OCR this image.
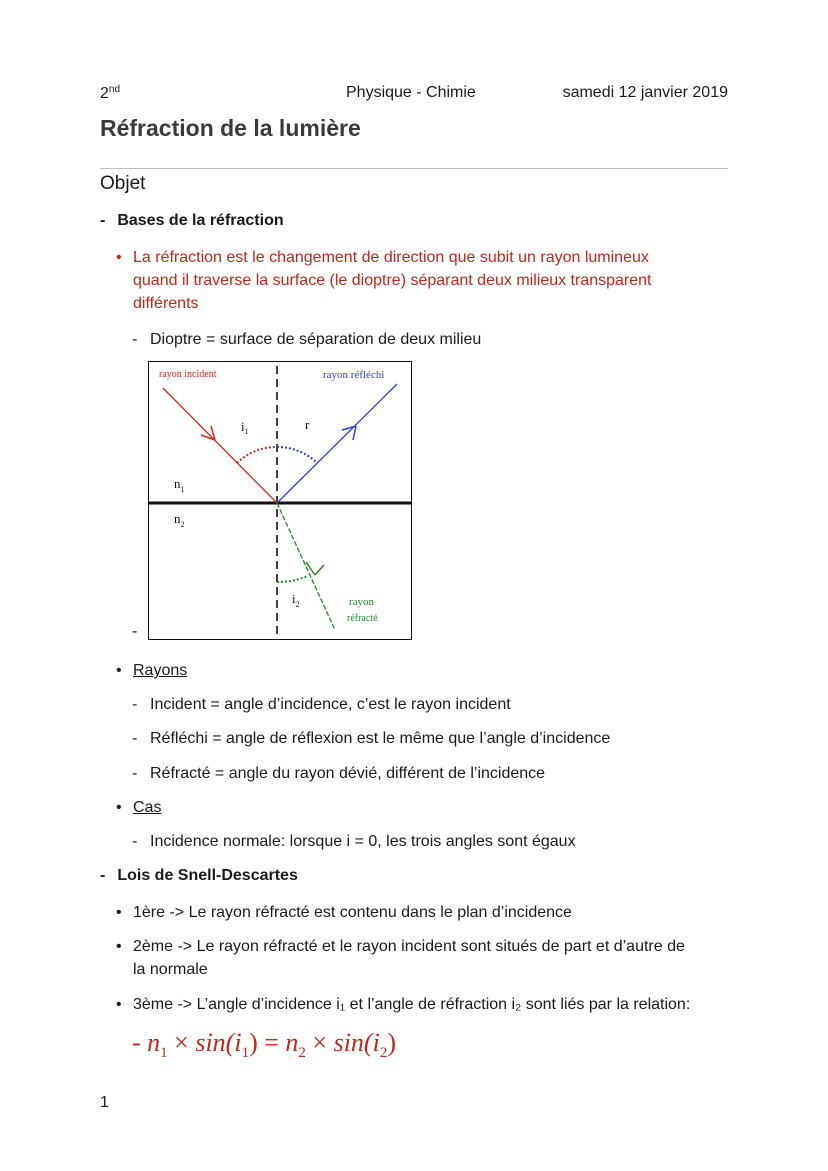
2nd	Physique - Chimie	samedi 12 janvier 2019
Réfraction de la lumière
Objet
- Bases de la réfraction
• La réfraction est le changement de direction que subit un rayon lumineux
quand il traverse la surface (le dioptre) séparant deux milieux transparent
différents
- Dioptre = surface de séparation de deux milieu
-
rayon incident	rayon réfléchi
$i_1$	r
$n_1$
$n_2$
$i_2$	rayon
réfracté
• Rayons
- Incident = angle d’incidence, c’est le rayon incident
- Réfléchi = angle de réflexion est le même que l’angle d’incidence
- Réfracté = angle du rayon dévié, différent de l’incidence
• Cas
- Incidence normale: lorsque i = 0, les trois angles sont égaux
- Lois de Snell-Descartes
• 1ère -> Le rayon réfracté est contenu dans le plan d’incidence
• 2ème -> Le rayon réfracté et le rayon incident sont situés de part et d’autre de
la normale
• 3ème -> L’angle d’incidence i₁ et l’angle de réfraction i₂ sont liés par la relation:
- $n_1 \times \sin(i_1) = n_2 \times \sin(i_2)$
1
